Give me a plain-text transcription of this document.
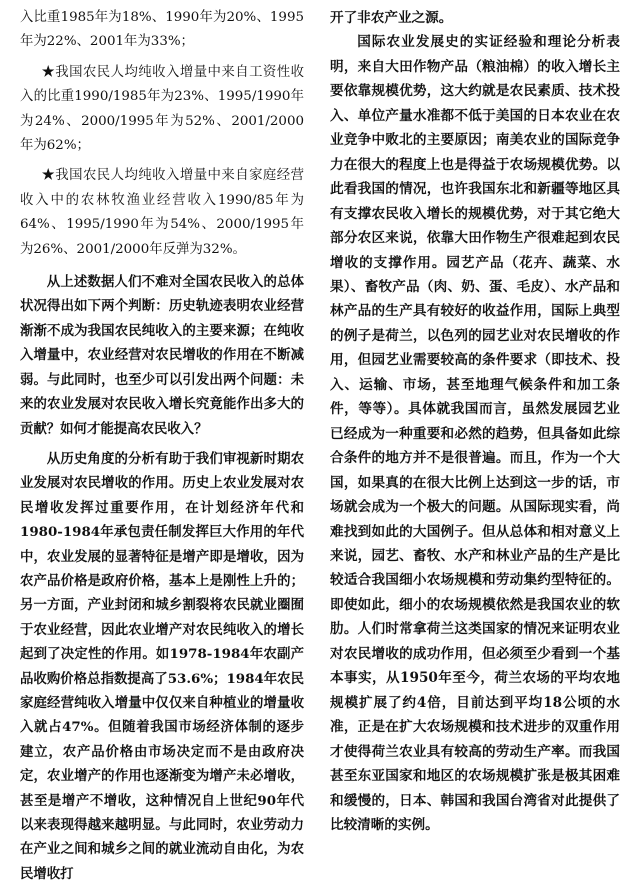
入比重1985年为18%、1990年为20%、1995年为22%、2001年为33%；

★我国农民人均纯收入增量中来自工资性收入的比重1990/1985年为23%、1995/1990年为24%、2000/1995年为52%、2001/2000年为62%；

★我国农民人均纯收入增量中来自家庭经营收入中的农林牧渔业经营收入1990/85年为64%、1995/1990年为54%、2000/1995年为26%、2001/2000年反弹为32%。

从上述数据人们不难对全国农民收入的总体状况得出如下两个判断：历史轨迹表明农业经营渐渐不成为我国农民纯收入的主要来源；在纯收入增量中，农业经营对农民增收的作用在不断减弱。与此同时，也至少可以引发出两个问题：未来的农业发展对农民收入增长究竟能作出多大的贡献？如何才能提高农民收入？

从历史角度的分析有助于我们审视新时期农业发展对农民增收的作用。历史上农业发展对农民增收发挥过重要作用，在计划经济年代和1980-1984年承包责任制发挥巨大作用的年代中，农业发展的显著特征是增产即是增收，因为农产品价格是政府价格，基本上是刚性上升的；另一方面，产业封闭和城乡割裂将农民就业圈囿于农业经营，因此农业增产对农民纯收入的增长起到了决定性的作用。如1978-1984年农副产品收购价格总指数提高了53.6%；1984年农民家庭经营纯收入增量中仅仅来自种植业的增量收入就占47%。但随着我国市场经济体制的逐步建立，农产品价格由市场决定而不是由政府决定，农业增产的作用也逐渐变为增产未必增收，甚至是增产不增收，这种情况自上世纪90年代以来表现得越来越明显。与此同时，农业劳动力在产业之间和城乡之间的就业流动自由化，为农民增收打

开了非农产业之源。

国际农业发展史的实证经验和理论分析表明，来自大田作物产品（粮油棉）的收入增长主要依靠规模优势，这大约就是农民素质、技术投入、单位产量水准都不低于美国的日本农业在农业竞争中败北的主要原因；南美农业的国际竞争力在很大的程度上也是得益于农场规模优势。以此看我国的情况，也许我国东北和新疆等地区具有支撑农民收入增长的规模优势，对于其它绝大部分农区来说，依靠大田作物生产很难起到农民增收的支撑作用。园艺产品（花卉、蔬菜、水果）、畜牧产品（肉、奶、蛋、毛皮）、水产品和林产品的生产具有较好的收益作用，国际上典型的例子是荷兰，以色列的园艺业对农民增收的作用，但园艺业需要较高的条件要求（即技术、投入、运输、市场，甚至地理气候条件和加工条件，等等）。具体就我国而言，虽然发展园艺业已经成为一种重要和必然的趋势，但具备如此综合条件的地方并不是很普遍。而且，作为一个大国，如果真的在很大比例上达到这一步的话，市场就会成为一个极大的问题。从国际现实看，尚难找到如此的大国例子。但从总体和相对意义上来说，园艺、畜牧、水产和林业产品的生产是比较适合我国细小农场规模和劳动集约型特征的。即使如此，细小的农场规模依然是我国农业的软肋。人们时常拿荷兰这类国家的情况来证明农业对农民增收的成功作用，但必须至少看到一个基本事实，从1950年至今，荷兰农场的平均农地规模扩展了约4倍，目前达到平均18公顷的水准，正是在扩大农场规模和技术进步的双重作用才使得荷兰农业具有较高的劳动生产率。而我国甚至东亚国家和地区的农场规模扩张是极其困难和缓慢的，日本、韩国和我国台湾省对此提供了比较清晰的实例。
